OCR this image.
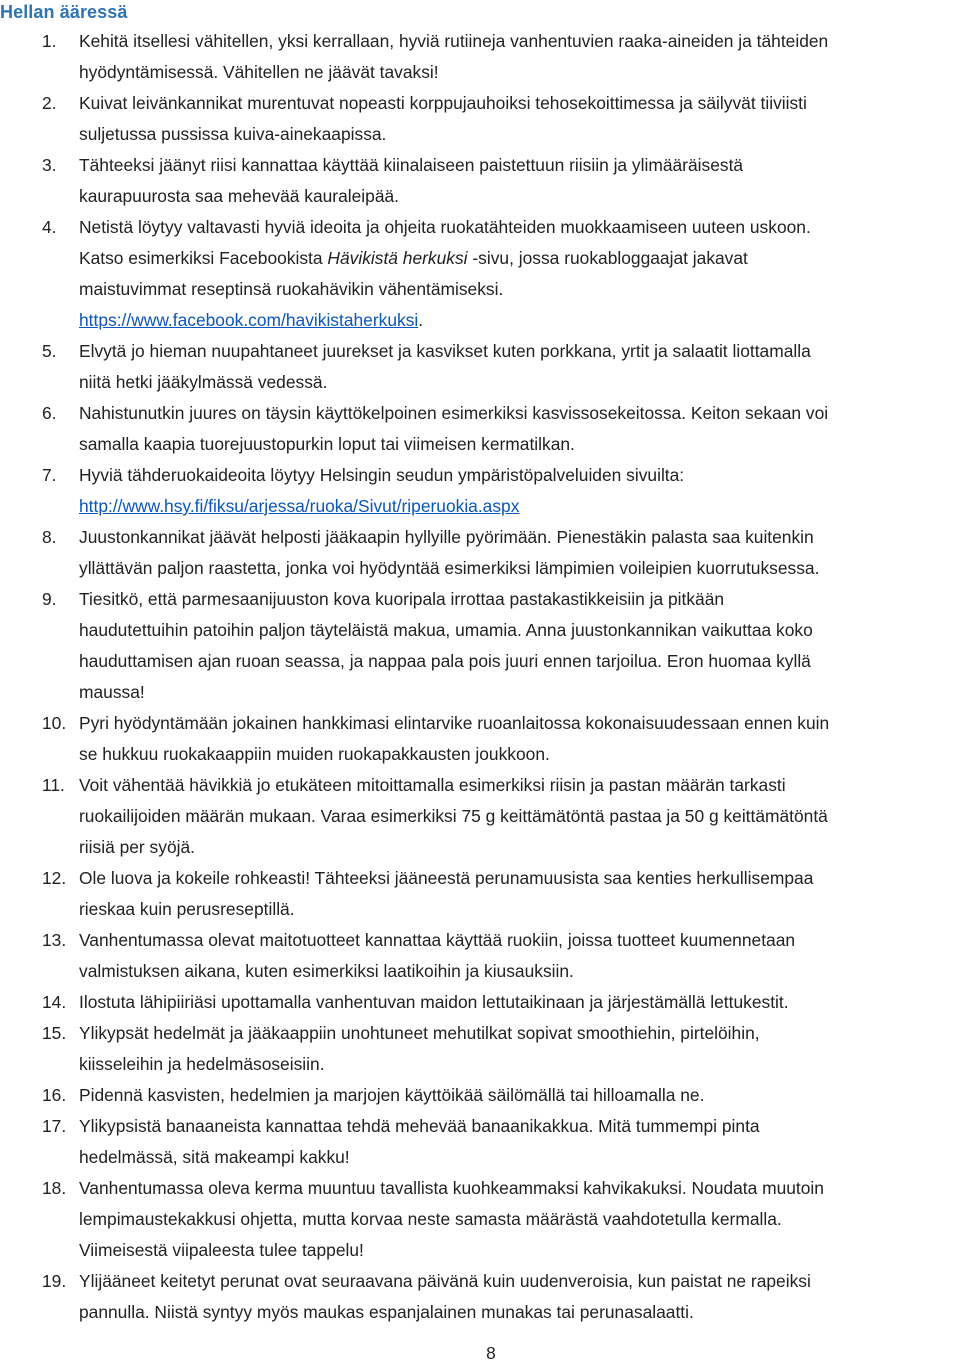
Hellan ääressä
1. Kehitä itsellesi vähitellen, yksi kerrallaan, hyviä rutiineja vanhentuvien raaka-aineiden ja tähteiden
hyödyntämisessä. Vähitellen ne jäävät tavaksi!
2. Kuivat leivänkannikat murentuvat nopeasti korppujauhoiksi tehosekoittimessa ja säilyvät tiiviisti
suljetussa pussissa kuiva-ainekaapissa.
3. Tähteeksi jäänyt riisi kannattaa käyttää kiinalaiseen paistettuun riisiin ja ylimääräisestä
kaurapuurosta saa mehevää kauraleipää.
4. Netistä löytyy valtavasti hyviä ideoita ja ohjeita ruokatähteiden muokkaamiseen uuteen uskoon.
Katso esimerkiksi Facebookista Hävikistä herkuksi -sivu, jossa ruokabloggaajat jakavat
maistuvimmat reseptinsä ruokahävikin vähentämiseksi.
https://www.facebook.com/havikistaherkuksi.
5. Elvytä jo hieman nuupahtaneet juurekset ja kasvikset kuten porkkana, yrtit ja salaatit liottamalla
niitä hetki jääkylmässä vedessä.
6. Nahistunutkin juures on täysin käyttökelpoinen esimerkiksi kasvissosekeitossa. Keiton sekaan voi
samalla kaapia tuorejuustopurkin loput tai viimeisen kermatilkan.
7. Hyviä tähderuokaideoita löytyy Helsingin seudun ympäristöpalveluiden sivuilta:
http://www.hsy.fi/fiksu/arjessa/ruoka/Sivut/riperuokia.aspx
8. Juustonkannikat jäävät helposti jääkaapin hyllyille pyörimään. Pienestäkin palasta saa kuitenkin
yllättävän paljon raastetta, jonka voi hyödyntää esimerkiksi lämpimien voileipien kuorrutuksessa.
9. Tiesitkö, että parmesaanijuuston kova kuoripala irrottaa pastakastikkeisiin ja pitkään
haudutettuihin patoihin paljon täyteläistä makua, umamia. Anna juustonkannikan vaikuttaa koko
hauduttamisen ajan ruoan seassa, ja nappaa pala pois juuri ennen tarjoilua. Eron huomaa kyllä
maussa!
10. Pyri hyödyntämään jokainen hankkimasi elintarvike ruoanlaitossa kokonaisuudessaan ennen kuin
se hukkuu ruokakaappiin muiden ruokapakkausten joukkoon.
11. Voit vähentää hävikkiä jo etukäteen mitoittamalla esimerkiksi riisin ja pastan määrän tarkasti
ruokailijoiden määrän mukaan. Varaa esimerkiksi 75 g keittämätöntä pastaa ja 50 g keittämätöntä
riisiä per syöjä.
12. Ole luova ja kokeile rohkeasti! Tähteeksi jääneestä perunamuusista saa kenties herkullisempaa
rieskaa kuin perusreseptillä.
13. Vanhentumassa olevat maitotuotteet kannattaa käyttää ruokiin, joissa tuotteet kuumennetaan
valmistuksen aikana, kuten esimerkiksi laatikoihin ja kiusauksiin.
14. Ilostuta lähipiiriäsi upottamalla vanhentuvan maidon lettutaikinaan ja järjestämällä lettukestit.
15. Ylikypsät hedelmät ja jääkaappiin unohtuneet mehutilkat sopivat smoothiehin, pirtelöihin,
kiisseleihin ja hedelmäsoseisiin.
16. Pidennä kasvisten, hedelmien ja marjojen käyttöikää säilömällä tai hilloamalla ne.
17. Ylikypsistä banaaneista kannattaa tehdä mehevää banaanikakkua. Mitä tummempi pinta
hedelmässä, sitä makeampi kakku!
18. Vanhentumassa oleva kerma muuntuu tavallista kuohkeammaksi kahvikakuksi. Noudata muutoin
lempimaustekakkusi ohjetta, mutta korvaa neste samasta määrästä vaahdotetulla kermalla.
Viimeisestä viipaleesta tulee tappelu!
19. Ylijääneet keitetyt perunat ovat seuraavana päivänä kuin uudenveroisia, kun paistat ne rapeiksi
pannulla. Niistä syntyy myös maukas espanjalainen munakas tai perunasalaatti.
8
